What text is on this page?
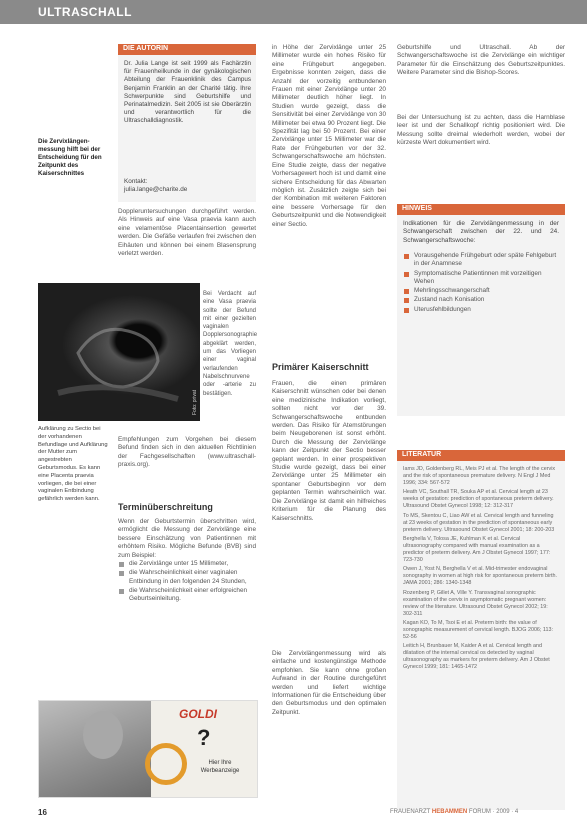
ULTRASCHALL

Die Zervixlängen-messung hilft bei der Entscheidung für den Zeitpunkt des Kaiserschnittes

DIE AUTORIN

Dr. Julia Lange ist seit 1999 als Fachärztin für Frauenheilkunde in der gynäkologischen Abteilung der Frauenklinik des Campus Benjamin Franklin an der Charité tätig. Ihre Schwerpunkte sind Geburtshilfe und Perinatalmedizin. Seit 2005 ist sie Oberärztin und verantwortlich für die Ultraschalldiagnostik.

Kontakt:

julia.lange@charite.de

Doppleruntersuchungen durchgeführt werden. Als Hinweis auf eine Vasa praevia kann auch eine velamentöse Placentainsertion gewertet werden. Die Gefäße verlaufen frei zwischen den Eihäuten und können bei einem Blasensprung verletzt werden.

Bei Verdacht auf eine Vasa praevia sollte der Befund mit einer gezielten vaginalen Dopplersonographie abgeklärt werden, um das Vorliegen einer vaginal verlaufenden Nabelschnurvene oder -arterie zu bestätigen.

Foto: privat

Aufklärung zu Sectio bei der vorhandenen Befundlage und Aufklärung der Mutter zum angestrebten Geburtsmodus. Es kann eine Placenta praevia vorliegen, die bei einer vaginalen Entbindung gefährlich werden kann.

Empfehlungen zum Vorgehen bei diesem Befund finden sich in den aktuellen Richtlinien der Fachgesellschaften (www.ultraschall-praxis.org).

Terminüberschreitung

Wenn der Geburtstermin überschritten wird, ermöglicht die Messung der Zervixlänge eine bessere Einschätzung von Patientinnen mit erhöhtem Risiko. Mögliche Befunde (BVB) sind zum Beispiel:

die Zervixlänge unter 15 Millimeter,
die Wahrscheinlichkeit einer vaginalen Entbindung in den folgenden 24 Stunden,
die Wahrscheinlichkeit einer erfolgreichen Geburtseinleitung.
GOLDI
?
Hier Ihre Werbeanzeige

in Höhe der Zervixlänge unter 25 Millimeter wurde ein hohes Risiko für eine Frühgeburt angegeben. Ergebnisse konnten zeigen, dass die Anzahl der vorzeitig entbundenen Frauen mit einer Zervixlänge unter 20 Millimeter deutlich höher liegt. In Studien wurde gezeigt, dass die Sensitivität bei einer Zervixlänge von 30 Millimeter bei etwa 90 Prozent liegt. Die Spezifität lag bei 50 Prozent. Bei einer Zervixlänge unter 15 Millimeter war die Rate der Frühgeburten vor der 32. Schwangerschaftswoche am höchsten. Eine Studie zeigte, dass der negative Vorhersagewert hoch ist und damit eine sichere Entscheidung für das Abwarten möglich ist. Zusätzlich zeigte sich bei der Kombination mit weiteren Faktoren eine bessere Vorhersage für den Geburtszeitpunkt und die Notwendigkeit einer Sectio.

Primärer Kaiserschnitt

Frauen, die einen primären Kaiserschnitt wünschen oder bei denen eine medizinische Indikation vorliegt, sollten nicht vor der 39. Schwangerschaftswoche entbunden werden. Das Risiko für Atemstörungen beim Neugeborenen ist sonst erhöht. Durch die Messung der Zervixlänge kann der Zeitpunkt der Sectio besser geplant werden. In einer prospektiven Studie wurde gezeigt, dass bei einer Zervixlänge unter 25 Millimeter ein spontaner Geburtsbeginn vor dem geplanten Termin wahrscheinlich war. Die Zervixlänge ist damit ein hilfreiches Kriterium für die Planung des Kaiserschnitts.

Die Zervixlängenmessung wird als einfache und kostengünstige Methode empfohlen. Sie kann ohne großen Aufwand in der Routine durchgeführt werden und liefert wichtige Informationen für die Entscheidung über den Geburtsmodus und den optimalen Zeitpunkt.

Geburtshilfe und Ultraschall. Ab der Schwangerschaftswoche ist die Zervixlänge ein wichtiger Parameter für die Einschätzung des Geburtszeitpunktes. Weitere Parameter sind die Bishop-Scores.

Bei der Untersuchung ist zu achten, dass die Harnblase leer ist und der Schallkopf richtig positioniert wird. Die Messung sollte dreimal wiederholt werden, wobei der kürzeste Wert dokumentiert wird.

HINWEIS

Indikationen für die Zervixlängenmessung in der Schwangerschaft zwischen der 22. und 24. Schwangerschaftswoche:

Vorausgehende Frühgeburt oder späte Fehlgeburt in der Anamnese
Symptomatische Patientinnen mit vorzeitigen Wehen
Mehrlingsschwangerschaft
Zustand nach Konisation
Uterusfehlbildungen
LITERATUR

Iams JD, Goldenberg RL, Meis PJ et al. The length of the cervix and the risk of spontaneous premature delivery. N Engl J Med 1996; 334: 567-572

Heath VC, Southall TR, Souka AP et al. Cervical length at 23 weeks of gestation: prediction of spontaneous preterm delivery. Ultrasound Obstet Gynecol 1998; 12: 312-317

To MS, Skentou C, Liao AW et al. Cervical length and funneling at 23 weeks of gestation in the prediction of spontaneous early preterm delivery. Ultrasound Obstet Gynecol 2001; 18: 200-203

Berghella V, Tolosa JE, Kuhlman K et al. Cervical ultrasonography compared with manual examination as a predictor of preterm delivery. Am J Obstet Gynecol 1997; 177: 723-730

Owen J, Yost N, Berghella V et al. Mid-trimester endovaginal sonography in women at high risk for spontaneous preterm birth. JAMA 2001; 286: 1340-1348

Rozenberg P, Gillet A, Ville Y. Transvaginal sonographic examination of the cervix in asymptomatic pregnant women: review of the literature. Ultrasound Obstet Gynecol 2002; 19: 302-311

Kagan KO, To M, Tsoi E et al. Preterm birth: the value of sonographic measurement of cervical length. BJOG 2006; 113: 52-56

Leitich H, Brunbauer M, Kaider A et al. Cervical length and dilatation of the internal cervical os detected by vaginal ultrasonography as markers for preterm delivery. Am J Obstet Gynecol 1999; 181: 1465-1472

16	FRAUENARZT HEBAMMEN FORUM · 2009 · 4
